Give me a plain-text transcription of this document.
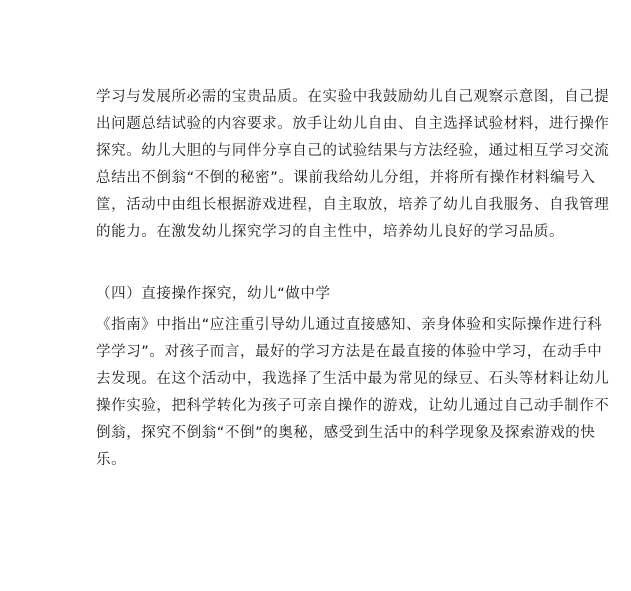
学习与发展所必需的宝贵品质。在实验中我鼓励幼儿自己观察示意图，自己提
出问题总结试验的内容要求。放手让幼儿自由、自主选择试验材料，进行操作
探究。幼儿大胆的与同伴分享自己的试验结果与方法经验，通过相互学习交流
总结出不倒翁“不倒的秘密”。课前我给幼儿分组，并将所有操作材料编号入
筐，活动中由组长根据游戏进程，自主取放，培养了幼儿自我服务、自我管理
的能力。在激发幼儿探究学习的自主性中，培养幼儿良好的学习品质。
（四）直接操作探究，幼儿“做中学
《指南》中指出“应注重引导幼儿通过直接感知、亲身体验和实际操作进行科
学学习”。对孩子而言，最好的学习方法是在最直接的体验中学习，在动手中
去发现。在这个活动中，我选择了生活中最为常见的绿豆、石头等材料让幼儿
操作实验，把科学转化为孩子可亲自操作的游戏，让幼儿通过自己动手制作不
倒翁，探究不倒翁“不倒”的奥秘，感受到生活中的科学现象及探索游戏的快
乐。
